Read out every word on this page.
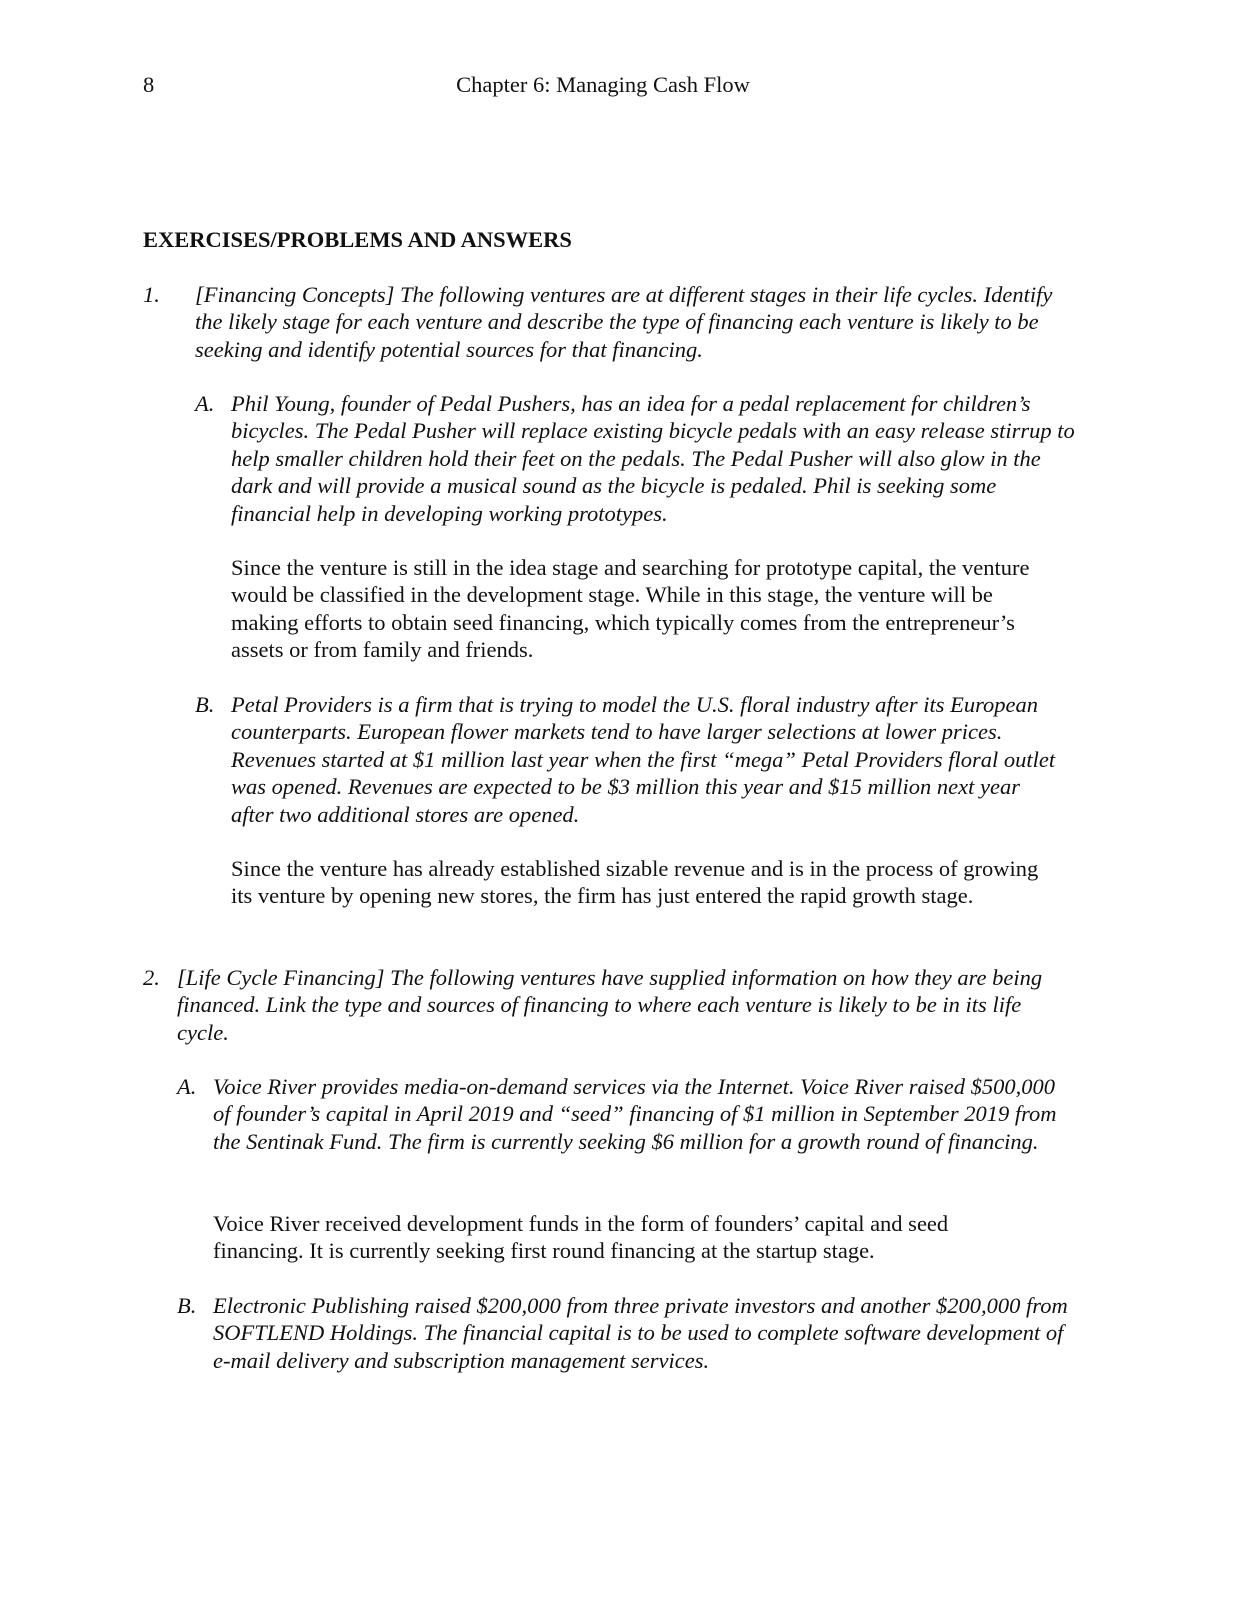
8	Chapter 6: Managing Cash Flow
EXERCISES/PROBLEMS AND ANSWERS
1. [Financing Concepts] The following ventures are at different stages in their life cycles. Identify the likely stage for each venture and describe the type of financing each venture is likely to be seeking and identify potential sources for that financing.
A. Phil Young, founder of Pedal Pushers, has an idea for a pedal replacement for children’s bicycles. The Pedal Pusher will replace existing bicycle pedals with an easy release stirrup to help smaller children hold their feet on the pedals. The Pedal Pusher will also glow in the dark and will provide a musical sound as the bicycle is pedaled. Phil is seeking some financial help in developing working prototypes.
Since the venture is still in the idea stage and searching for prototype capital, the venture would be classified in the development stage. While in this stage, the venture will be making efforts to obtain seed financing, which typically comes from the entrepreneur’s assets or from family and friends.
B. Petal Providers is a firm that is trying to model the U.S. floral industry after its European counterparts. European flower markets tend to have larger selections at lower prices. Revenues started at $1 million last year when the first “mega” Petal Providers floral outlet was opened. Revenues are expected to be $3 million this year and $15 million next year after two additional stores are opened.
Since the venture has already established sizable revenue and is in the process of growing its venture by opening new stores, the firm has just entered the rapid growth stage.
2. [Life Cycle Financing] The following ventures have supplied information on how they are being financed. Link the type and sources of financing to where each venture is likely to be in its life cycle.
A. Voice River provides media-on-demand services via the Internet. Voice River raised $500,000 of founder’s capital in April 2019 and “seed” financing of $1 million in September 2019 from the Sentinak Fund. The firm is currently seeking $6 million for a growth round of financing.
Voice River received development funds in the form of founders’ capital and seed financing. It is currently seeking first round financing at the startup stage.
B. Electronic Publishing raised $200,000 from three private investors and another $200,000 from SOFTLEND Holdings. The financial capital is to be used to complete software development of e-mail delivery and subscription management services.
